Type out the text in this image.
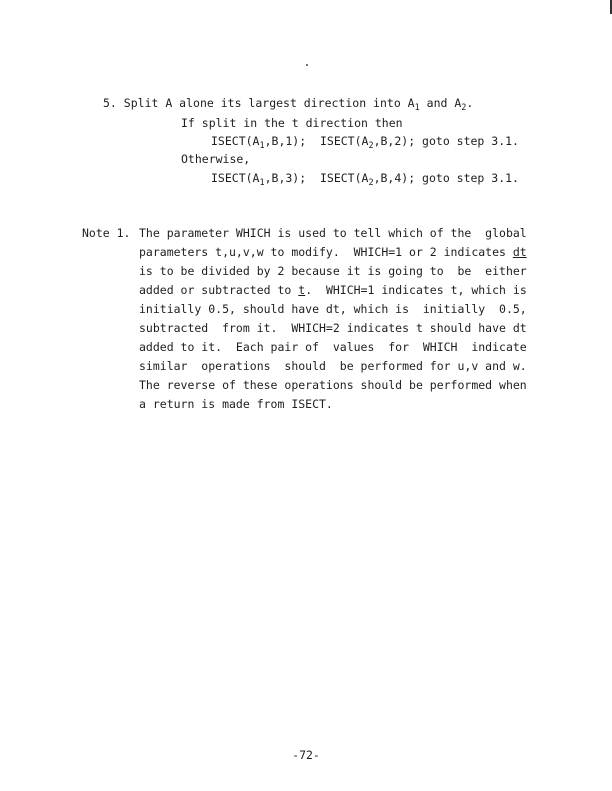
5. Split A alone its largest direction into $A_1$ and $A_2$.
If split in the t direction then
$ISECT(A_1,B,1)$;  $ISECT(A_2,B,2)$; goto step 3.1.
Otherwise,
$ISECT(A_1,B,3)$;  $ISECT(A_2,B,4)$; goto step 3.1.
Note 1. The parameter WHICH is used to tell which of the  global
parameters t,u,v,w to modify.  WHICH=1 or 2 indicates dt
is to be divided by 2 because it is going to  be  either
added or subtracted to t.  WHICH=1 indicates t, which is
initially 0.5, should have dt, which is  initially  0.5,
subtracted  from it.  WHICH=2 indicates t should have dt
added to it.  Each pair of  values  for  WHICH  indicate
similar  operations  should  be performed for u,v and w.
The reverse of these operations should be performed when
a return is made from ISECT.
-72-
